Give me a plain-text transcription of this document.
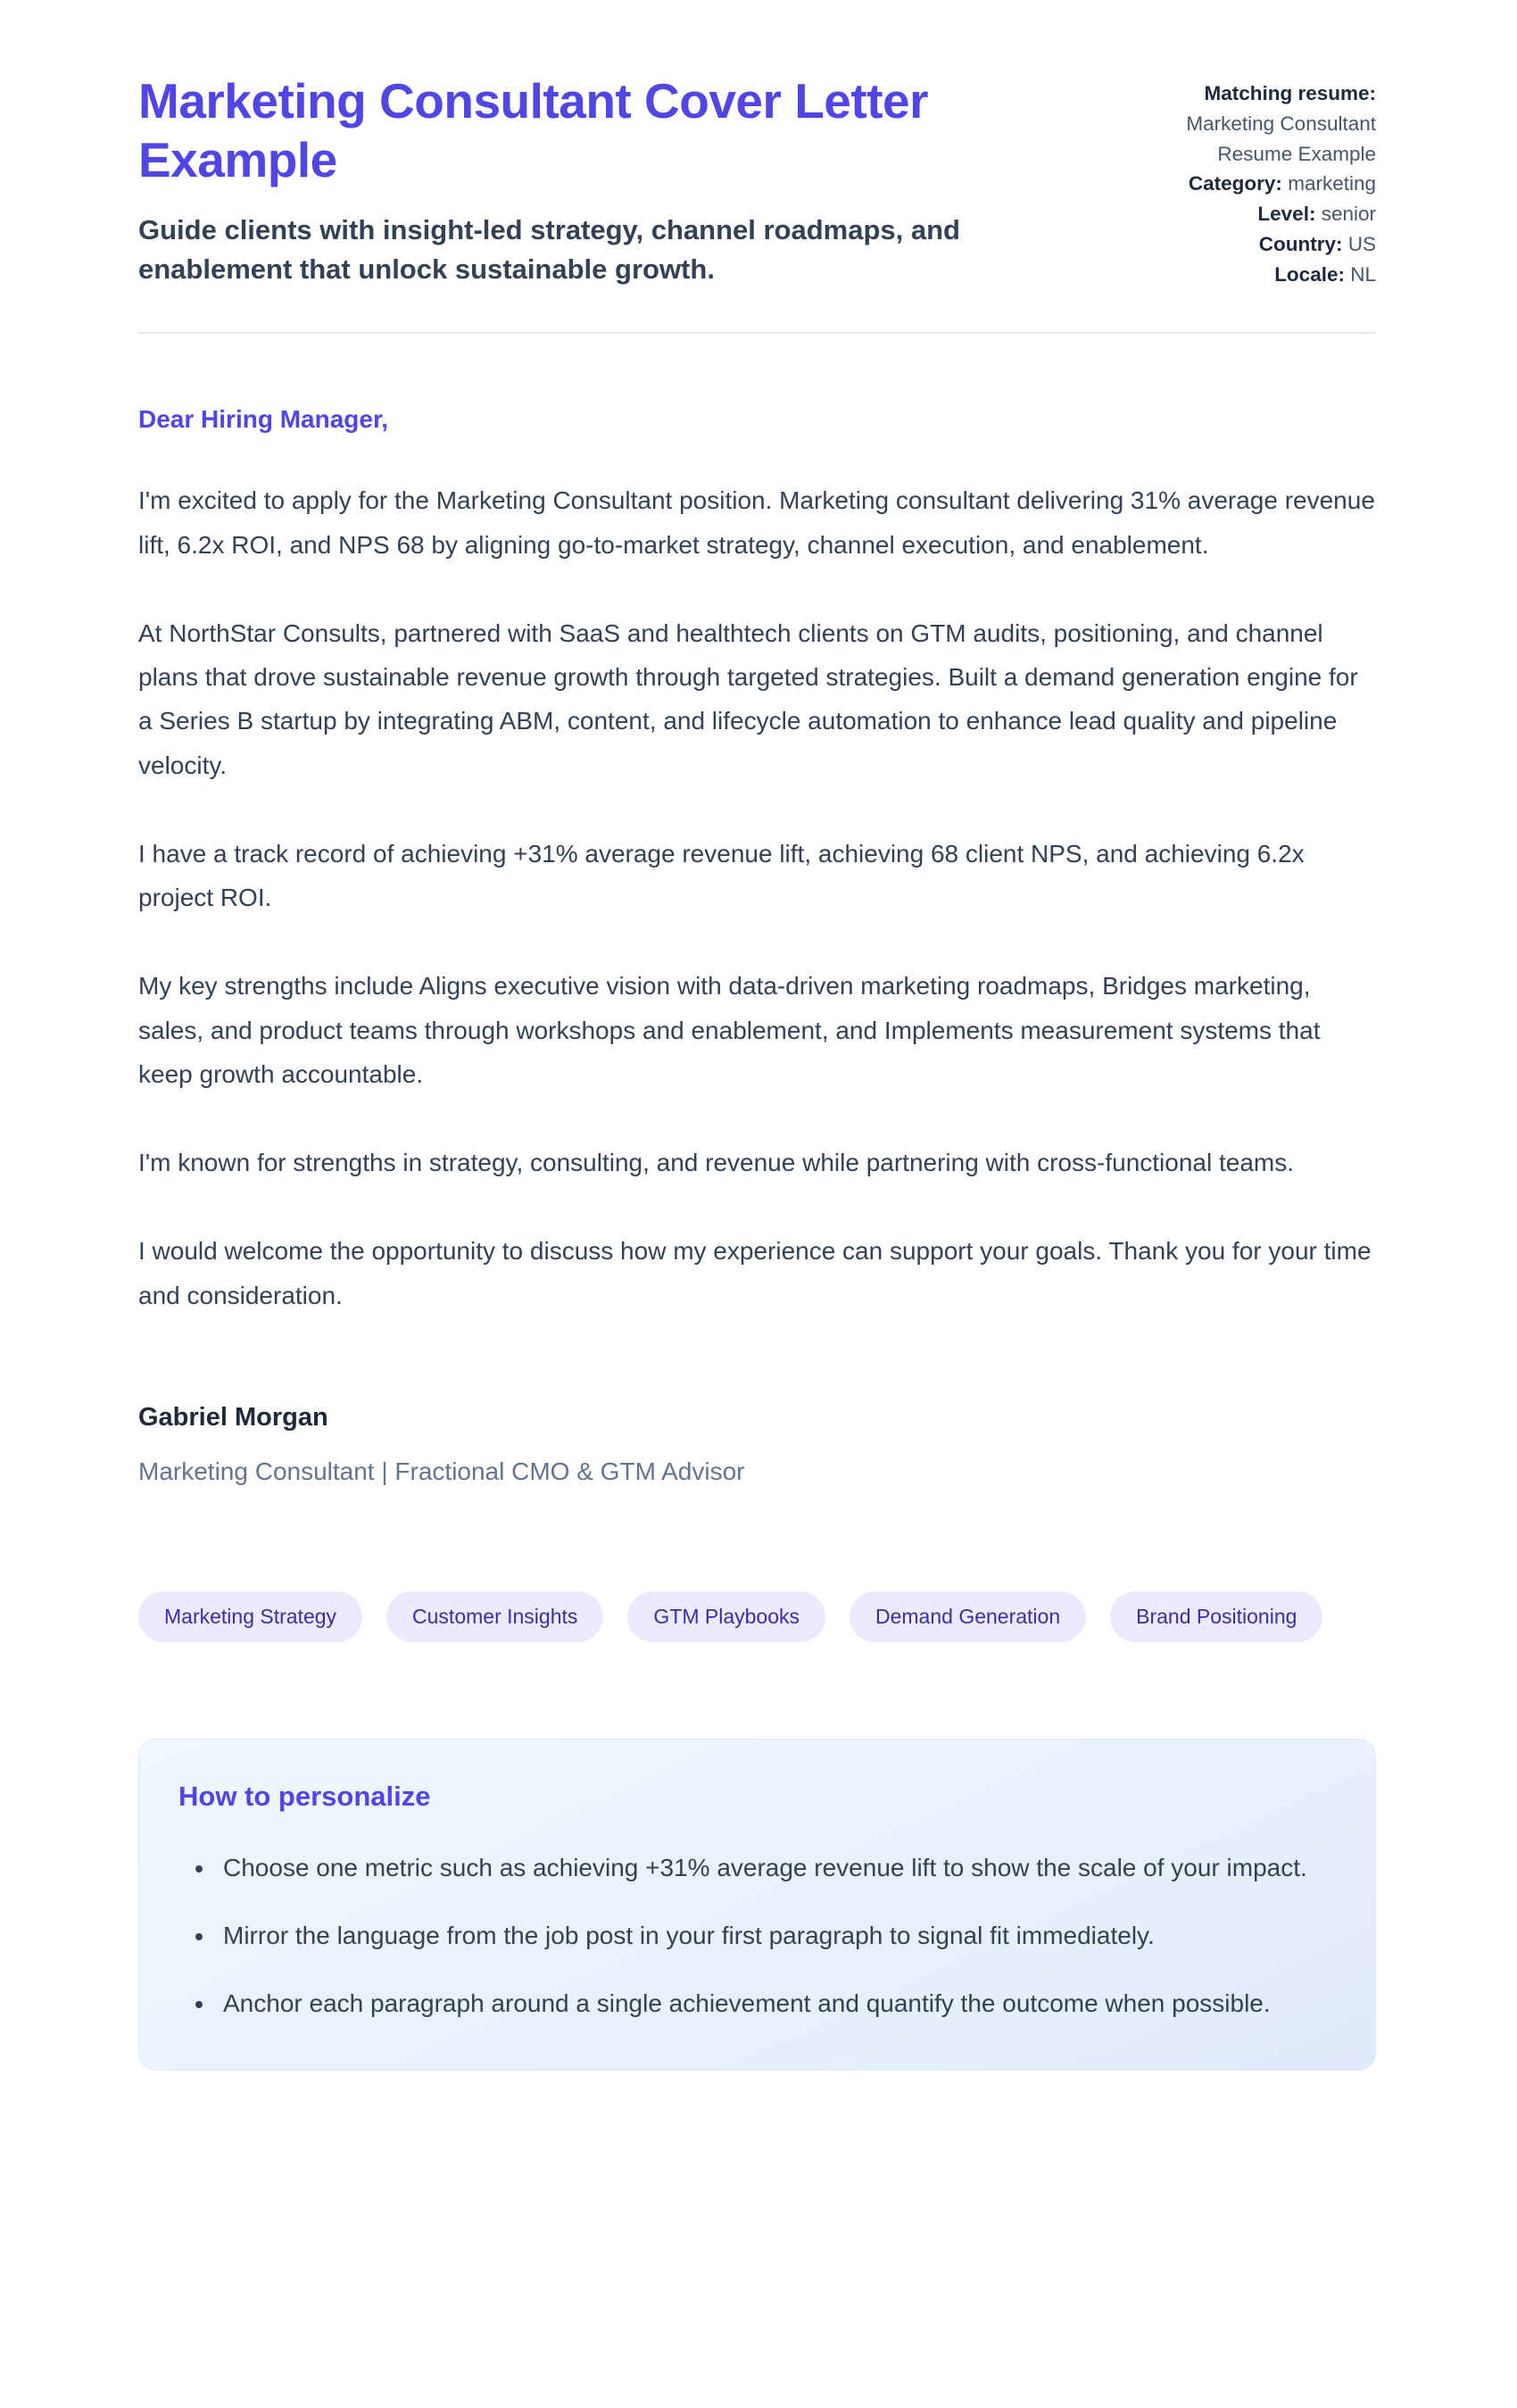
Marketing Consultant Cover Letter Example

Guide clients with insight-led strategy, channel roadmaps, and enablement that unlock sustainable growth.

Matching resume:
Marketing Consultant Resume Example
Category: marketing
Level: senior
Country: US
Locale: NL

Dear Hiring Manager,

I'm excited to apply for the Marketing Consultant position. Marketing consultant delivering 31% average revenue lift, 6.2x ROI, and NPS 68 by aligning go-to-market strategy, channel execution, and enablement.

At NorthStar Consults, partnered with SaaS and healthtech clients on GTM audits, positioning, and channel plans that drove sustainable revenue growth through targeted strategies. Built a demand generation engine for a Series B startup by integrating ABM, content, and lifecycle automation to enhance lead quality and pipeline velocity.

I have a track record of achieving +31% average revenue lift, achieving 68 client NPS, and achieving 6.2x project ROI.

My key strengths include Aligns executive vision with data-driven marketing roadmaps, Bridges marketing, sales, and product teams through workshops and enablement, and Implements measurement systems that keep growth accountable.

I'm known for strengths in strategy, consulting, and revenue while partnering with cross-functional teams.

I would welcome the opportunity to discuss how my experience can support your goals. Thank you for your time and consideration.

Gabriel Morgan

Marketing Consultant | Fractional CMO & GTM Advisor

Marketing Strategy	Customer Insights	GTM Playbooks	Demand Generation	Brand Positioning
How to personalize
• Choose one metric such as achieving +31% average revenue lift to show the scale of your impact.
• Mirror the language from the job post in your first paragraph to signal fit immediately.
• Anchor each paragraph around a single achievement and quantify the outcome when possible.
